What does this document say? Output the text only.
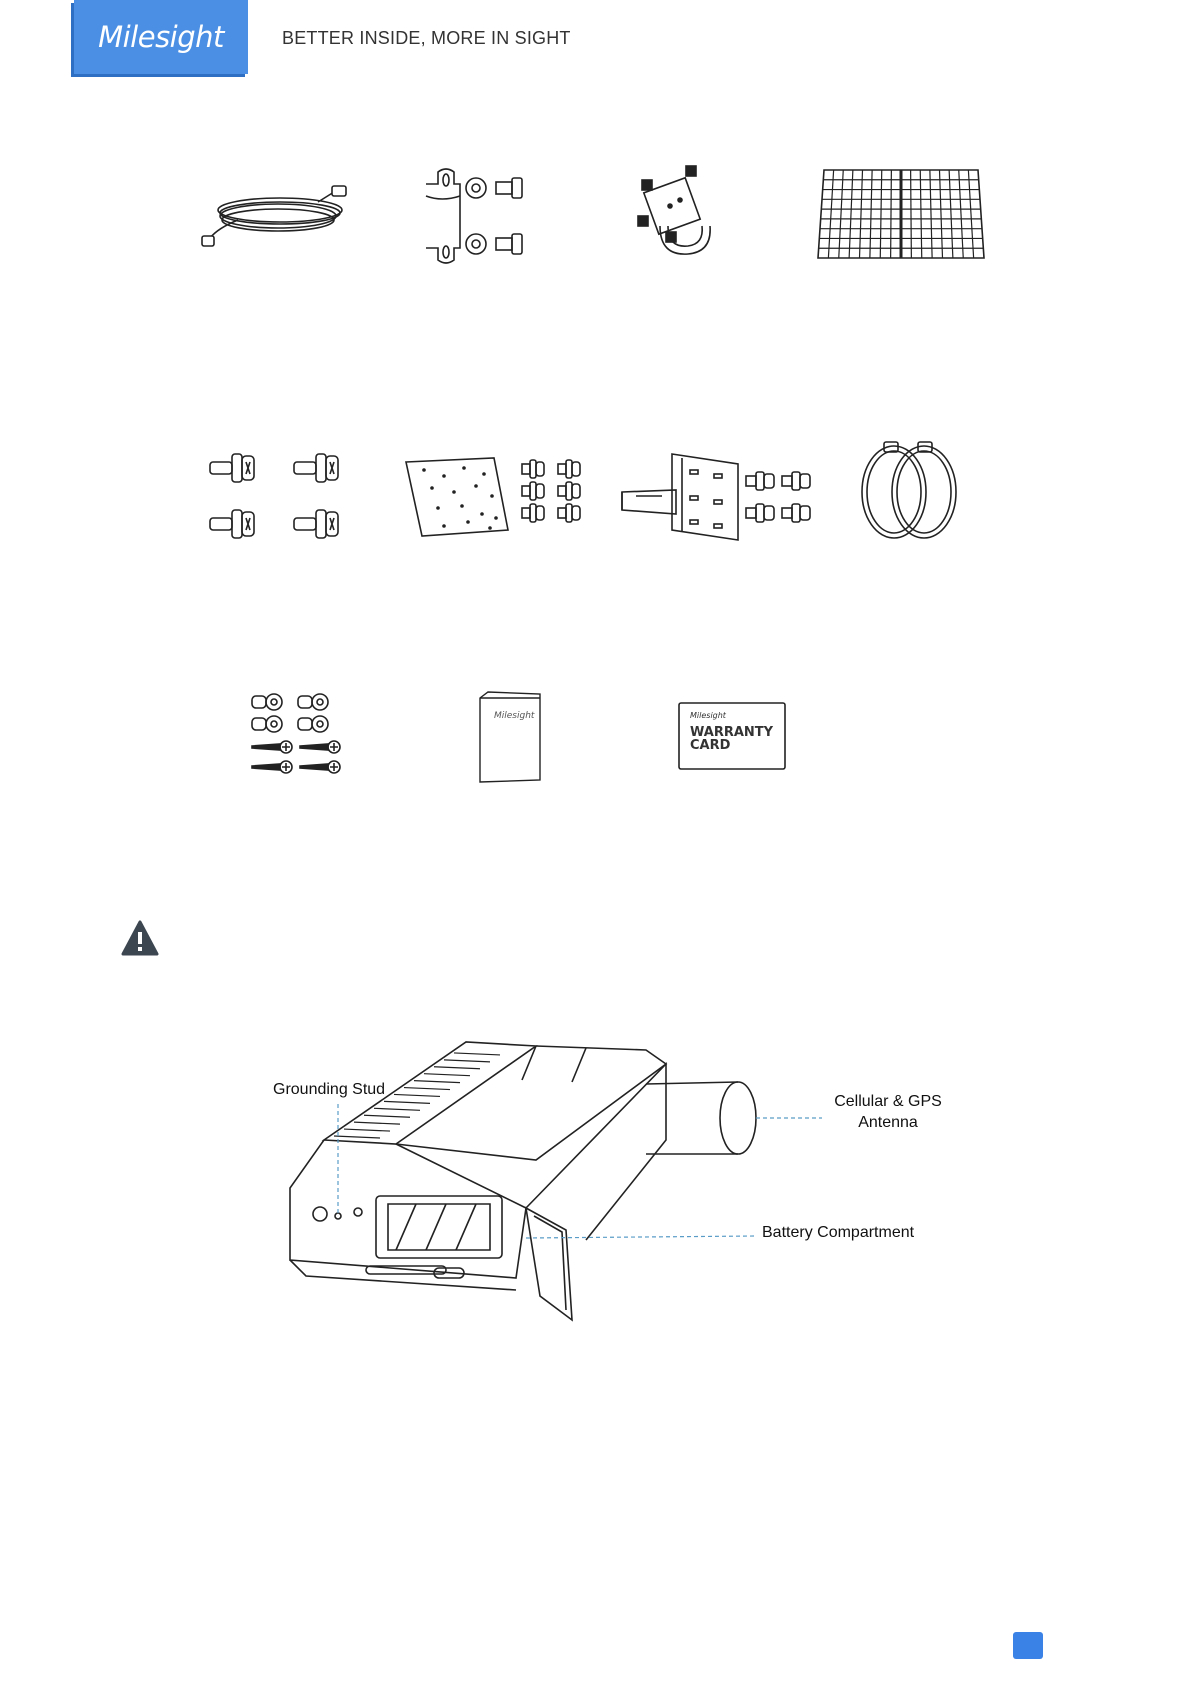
Milesight	BETTER INSIDE, MORE IN SIGHT
Milesight	Milesight
WARRANTY
CARD
Grounding Stud
Cellular & GPS
Antenna
Battery Compartment
